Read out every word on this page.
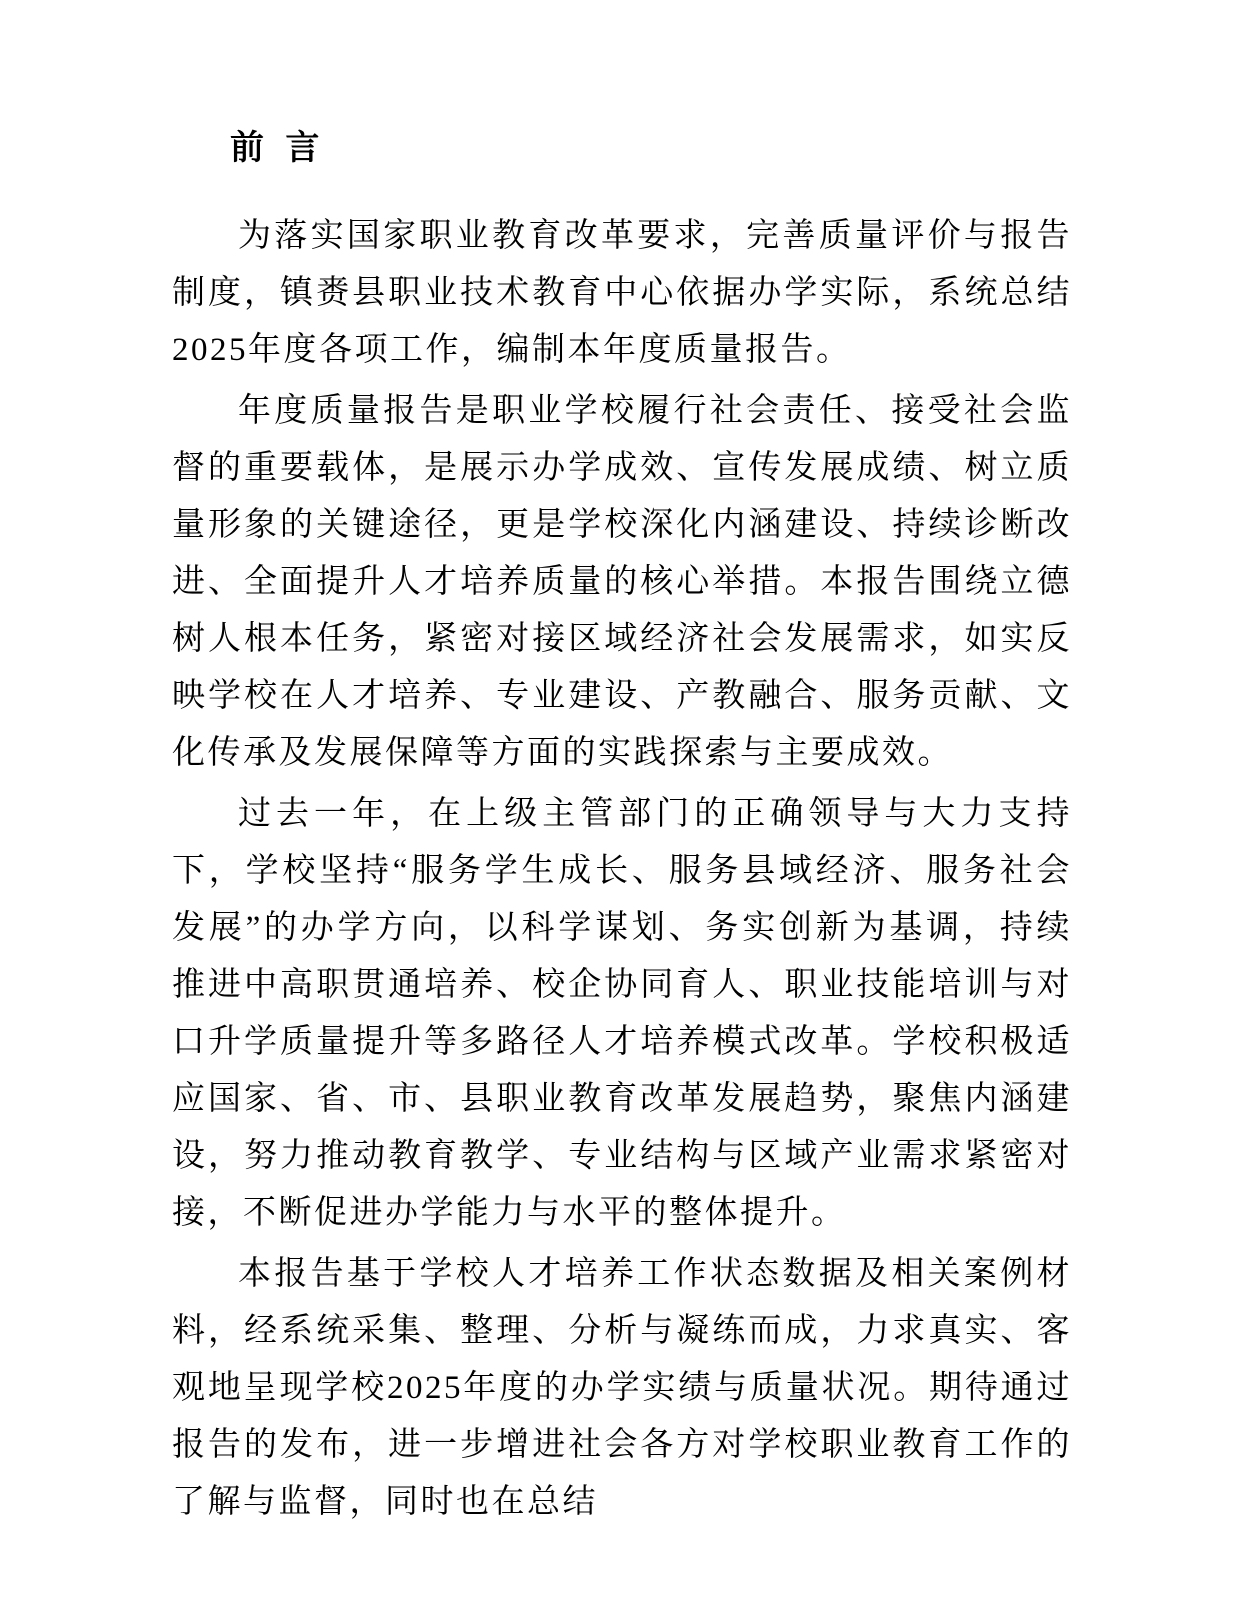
前 言

为落实国家职业教育改革要求，完善质量评价与报告制度，镇赉县职业技术教育中心依据办学实际，系统总结2025年度各项工作，编制本年度质量报告。

年度质量报告是职业学校履行社会责任、接受社会监督的重要载体，是展示办学成效、宣传发展成绩、树立质量形象的关键途径，更是学校深化内涵建设、持续诊断改进、全面提升人才培养质量的核心举措。本报告围绕立德树人根本任务，紧密对接区域经济社会发展需求，如实反映学校在人才培养、专业建设、产教融合、服务贡献、文化传承及发展保障等方面的实践探索与主要成效。

过去一年，在上级主管部门的正确领导与大力支持下，学校坚持“服务学生成长、服务县域经济、服务社会发展”的办学方向，以科学谋划、务实创新为基调，持续推进中高职贯通培养、校企协同育人、职业技能培训与对口升学质量提升等多路径人才培养模式改革。学校积极适应国家、省、市、县职业教育改革发展趋势，聚焦内涵建设，努力推动教育教学、专业结构与区域产业需求紧密对接，不断促进办学能力与水平的整体提升。

本报告基于学校人才培养工作状态数据及相关案例材料，经系统采集、整理、分析与凝练而成，力求真实、客观地呈现学校2025年度的办学实绩与质量状况。期待通过报告的发布，进一步增进社会各方对学校职业教育工作的了解与监督，同时也在总结
